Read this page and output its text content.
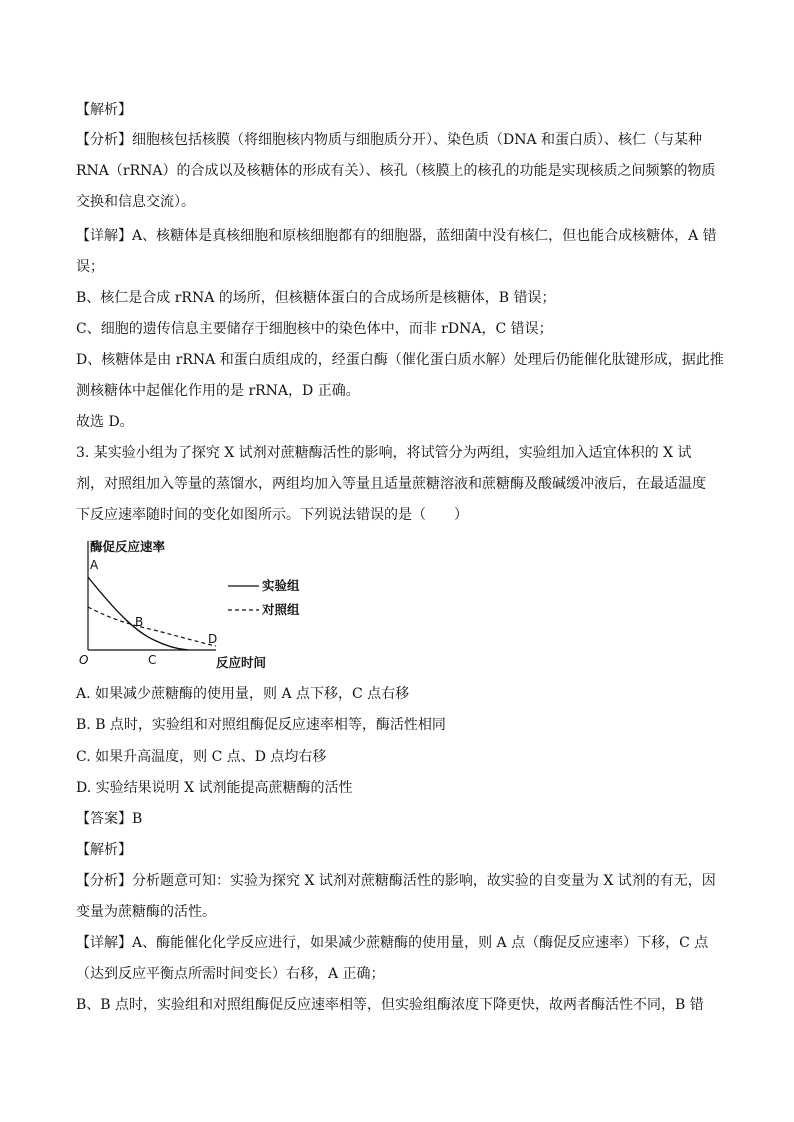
【解析】
【分析】细胞核包括核膜（将细胞核内物质与细胞质分开）、染色质（DNA 和蛋白质）、核仁（与某种
RNA（rRNA）的合成以及核糖体的形成有关）、核孔（核膜上的核孔的功能是实现核质之间频繁的物质
交换和信息交流）。
【详解】A、核糖体是真核细胞和原核细胞都有的细胞器，蓝细菌中没有核仁，但也能合成核糖体，A 错
误；
B、核仁是合成 rRNA 的场所，但核糖体蛋白的合成场所是核糖体，B 错误；
C、细胞的遗传信息主要储存于细胞核中的染色体中，而非 rDNA，C 错误；
D、核糖体是由 rRNA 和蛋白质组成的，经蛋白酶（催化蛋白质水解）处理后仍能催化肽键形成，据此推
测核糖体中起催化作用的是 rRNA，D 正确。
故选 D。
3. 某实验小组为了探究 X 试剂对蔗糖酶活性的影响，将试管分为两组，实验组加入适宜体积的 X 试
剂，对照组加入等量的蒸馏水，两组均加入等量且适量蔗糖溶液和蔗糖酶及酸碱缓冲液后，在最适温度
下反应速率随时间的变化如图所示。下列说法错误的是（　　）
酶促反应速率
反应时间
O
A
B
C
D
实验组
对照组
A. 如果减少蔗糖酶的使用量，则 A 点下移，C 点右移
B. B 点时，实验组和对照组酶促反应速率相等，酶活性相同
C. 如果升高温度，则 C 点、D 点均右移
D. 实验结果说明 X 试剂能提高蔗糖酶的活性
【答案】B
【解析】
【分析】分析题意可知：实验为探究 X 试剂对蔗糖酶活性的影响，故实验的自变量为 X 试剂的有无，因
变量为蔗糖酶的活性。
【详解】A、酶能催化化学反应进行，如果减少蔗糖酶的使用量，则 A 点（酶促反应速率）下移，C 点
（达到反应平衡点所需时间变长）右移，A 正确；
B、B 点时，实验组和对照组酶促反应速率相等，但实验组酶浓度下降更快，故两者酶活性不同，B 错
